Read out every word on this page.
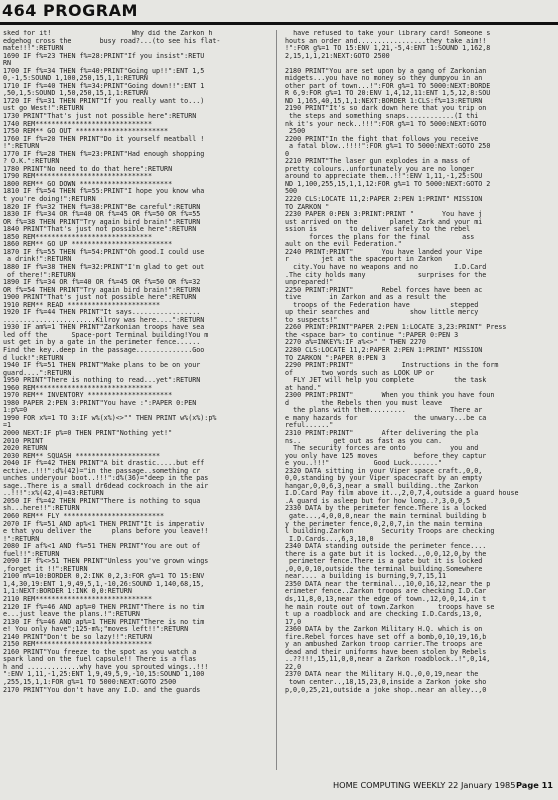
464 PROGRAM
sked for it!                    Why did the Zarkon h
edgehog cross the       busy road?...(to see his flat-
mate!!!":RETURN
1690 IF f%=23 THEN f%=28:PRINT"If you insist":RETU
RN
1700 IF f%=34 THEN f%=40:PRINT"Going up!!":ENT 1,5
0,-1,5:SOUND 1,100,250,15,1,1:RETURN
1710 IF f%=40 THEN f%=34:PRINT"Going down!!":ENT 1
,50,1,5:SOUND 1,50,250,15,1,1:RETURN
1720 IF f%=31 THEN PRINT"If you really want to...)
ust go West!":RETURN
1730 PRINT"That's just not possible here":RETURN
1740 REM*****************************
1750 REM** GO OUT ***********************
1760 IF f%=20 THEN PRINT"Do it yourself meatball !
!":RETURN
1770 IF f%=28 THEN f%=23:PRINT"Had enough shopping
? O.K.":RETURN
1780 PRINT"No need to do that here":RETURN
1790 REM*****************************
1800 REM** GO DOWN ***********************
1810 IF f%=54 THEN f%=55:PRINT"I hope you know wha
t you're doing!":RETURN
1820 IF f%=32 THEN f%=38:PRINT"Be careful":RETURN
1830 IF f%=34 OR f%=40 OR f%=45 OR f%=50 OR f%=55
OR f%=38 THEN PRINT"Try again bird brain!":RETURN
1840 PRINT"That's just not possible here":RETURN
1850 REM*****************************
1860 REM** GO UP *************************
1870 IF f%=55 THEN f%=54:PRINT"Oh good.I could use
a drink!":RETURN
1880 IF f%=38 THEN f%=32:PRINT"I'm glad to get out
of there!":RETURN
1890 IF f%=34 OR f%=40 OR f%=45 OR f%=50 OR f%=32
OR f%=54 THEN PRINT"Try again bird brain!":RETURN
1900 PRINT"That's just not possible here":RETURN
1910 REM** READ ***********************
1920 IF f%=44 THEN PRINT"It says.................
.......................Kilroy was here....":RETURN
1930 IF am%=1 THEN PRINT"Zarkonian troops have sea
led off the      Space-port Terminal building!You m
ust get in by a gate in the perimeter fence......
Find the key..deep in the passage..............Goo
d luck!":RETURN
1940 IF f%=51 THEN PRINT"Make plans to be on your
guard....":RETURN
1950 PRINT"There is nothing to read...yet":RETURN
1960 REM*****************************
1970 REM** INVENTORY *********************
1980 PAPER 2:PEN 3:PRINT"You have :":PAPER 0:PEN
1:p%=0
1990 FOR x%=1 TO 3:IF w%(x%)<>"" THEN PRINT w%(x%):p%
=1
2000 NEXT:IF p%=0 THEN PRINT"Nothing yet!"
2010 PRINT
2020 RETURN
2030 REM** SQUASH *********************
2040 IF f%=42 THEN PRINT"A bit drastic.....but eff
ective..!!!":d%(42)="in the passage..something cr
unches underyour boot..!!!":d%(36)="deep in the pas
sage..There is a small dr6dead cockroach in the air
..!!!":x%(42,4)=43:RETURN
2050 IF f%=42 THEN PRINT"There is nothing to squa
sh...here!!":RETURN
2060 REM** FLY *************************
2070 IF f%=51 AND ap%<1 THEN PRINT"It is imperativ
e that you deliver the     plans before you leave!!
!":RETURN
2080 IF af%<1 AND f%=51 THEN PRINT"You are out of
fuel!!":RETURN
2090 IF f%<>51 THEN PRINT"Unless you've grown wings
,forget it !!":RETURN
2100 m%=10:BORDER 0,2:INK 0,2,3:FOR g%=1 TO 15:ENV
1,4,30,19:ENT 1,9,49,5,1,-10,26:SOUND 1,140,68,15,
1,1:NEXT:BORDER 1:INK 0,0:RETURN
2110 REM*****************************
2120 IF f%=46 AND ap%=0 THEN PRINT"There is no tim
e...just leave the plans.!":RETURN
2130 IF f%=46 AND ap%=1 THEN PRINT"There is no tim
e! You only have";125-m%;"moves left!!":RETURN
2140 PRINT"Don't be so lazy!!":RETURN
2150 REM*****************************
2160 PRINT"You freeze to the spot as you watch a
spark land on the fuel capsule!! There is a flas
h and .............why have you sprouted wings..!!!
":ENV 1,11,-1,25:ENT 1,9,49,5,9,-10,15:SOUND 1,100
,255,15,1,1:FOR g%=1 TO 5000:NEXT:GOTO 2500
2170 PRINT"You don't have any I.D. and the guards
have refused to take your library card! Someone s
houts an order and.................they take aim!!
!":FOR g%=1 TO 15:ENV 1,21,-5,4:ENT 1:SOUND 1,162,8
2,15,1,1,21:NEXT:GOTO 2500
2180 PRINT"You are set upon by a gang of Zarkonian
midgets...you have no money so they dumpyou in an
other part of town...!":FOR g%=1 TO 5000:NEXT:BORDE
R 6,9:FOR g%=1 TO 20:ENV 1,4,12,11:ENT 1,5,12,8:SOU
ND 1,165,40,15,1,1:NEXT:BORDER 1:CLS:f%=13:RETURN
2190 PRINT"It's so dark down here that you trip on
the steps and something snaps............(I thi
nk it's your neck..!!!":FOR g%=1 TO 5000:NEXT:GOTO
2500
2200 PRINT"In the fight that follows you receive
a fatal blow..!!!!":FOR g%=1 TO 5000:NEXT:GOTO 250
0
2210 PRINT"The laser gun explodes in a mass of
pretty colours..unfortunately you are no longer
around to appreciate them..!!":ENV 1,11,-1,25:SOU
ND 1,100,255,15,1,1,12:FOR g%=1 TO 5000:NEXT:GOTO 2
500
2220 CLS:LOCATE 11,2:PAPER 2:PEN 1:PRINT" MISSION
TO ZARKON "
2230 PAPER 0:PEN 3:PRINT:PRINT "       You have j
ust arrived on the        planet Zark and your mi
ssion is        to deliver safely to the rebel
forces the plans for the final        ass
ault on the evil Federation."
2240 PRINT:PRINT"       You have landed your Vipe
r        jet at the spaceport in Zarkon
city.You have no weapons and no         I.D.Card
.The city holds many             surprises for the
unprepared!"
2250 PRINT:PRINT"       Rebel forces have been ac
tive       in Zarkon and as a result the
troops of the Federation have          stepped
up their searches and          show little mercy
to suspects!"
2260 PRINT:PRINT"PAPER 2:PEN 1:LOCATE 3,23:PRINT" Press
the <space bar> to continue ":PAPER 0:PEN 3
2270 a%=INKEY%:IF a%<>" " THEN 2270
2280 CLS:LOCATE 11,2:PAPER 2:PEN 1:PRINT" MISSION
TO ZARKON ":PAPER 0:PEN 3
2290 PRINT:PRINT"            Instructions in the form
of       two words such as LOOK UP or
FLY JET will help you complete          the task
at hand."
2300 PRINT:PRINT"       When you think you have foun
d        the Rebels then you must leave
the plans with them.........           There ar
e many hazards for              the unwary...be ca
reful......"
2310 PRINT:PRINT"       After delivering the pla
ns..        get out as fast as you can.
The security forces are onto           you and
you only have 125 moves         before they captur
e you..!!!"           Good Luck......."
2320 DATA sitting in your Viper space craft.,0,0,
0,0,standing by your Viper spacecraft by an empty
hangar,0,0,6,3,near a small building..the Zarkon
I.D.Card Pay film above it..,2,0,7,4,outside a guard house
.A guard is asleep but for how long..?,3,0,0,5
2330 DATA by the perimeter fence.There is a locked
gate...,4,0,0,0,near the main terminal building b
y the perimeter fence,0,2,0,7,in the main termina
l building.Zarkon       Security Troops are checking
I.D.Cards...,6,3,10,0
2340 DATA standing outside the perimeter fence....
there is a gate but it is locked..,0,0,12,0,by the
perimeter fence.There is a gate but it is locked
,0,0,0,10,outside the terminal building.Somewhere
near.... a building is burning,9,7,15,11
2350 DATA near the terminal..,10,0,16,12,near the p
erimeter fence..Zarkon troops are checking I.D.Car
ds,11,8,0,13,near the edge of town.,12,0,0,14,in t
he main route out of town.Zarkon      troops have se
t up a roadblock and are checking I.D.Cards,13,0,
17,0
2360 DATA by the Zarkon Military H.Q. which is on
fire.Rebel forces have set off a bomb,0,10,19,16,b
y an ambushed Zarkon troop carrier.The troops are
dead and their uniforms have been stolen by Rebels
..??!!!,15,11,0,0,near a Zarkon roadblock..!",0,14,
22,0
2370 DATA near the Military H.Q.,0,0,19,near the
town center..,18,15,23,0,inside a Zarkon joke sho
p,0,0,25,21,outside a joke shop..near an alley..,0
HOME COMPUTING WEEKLY 22 January 1985 Page 11
